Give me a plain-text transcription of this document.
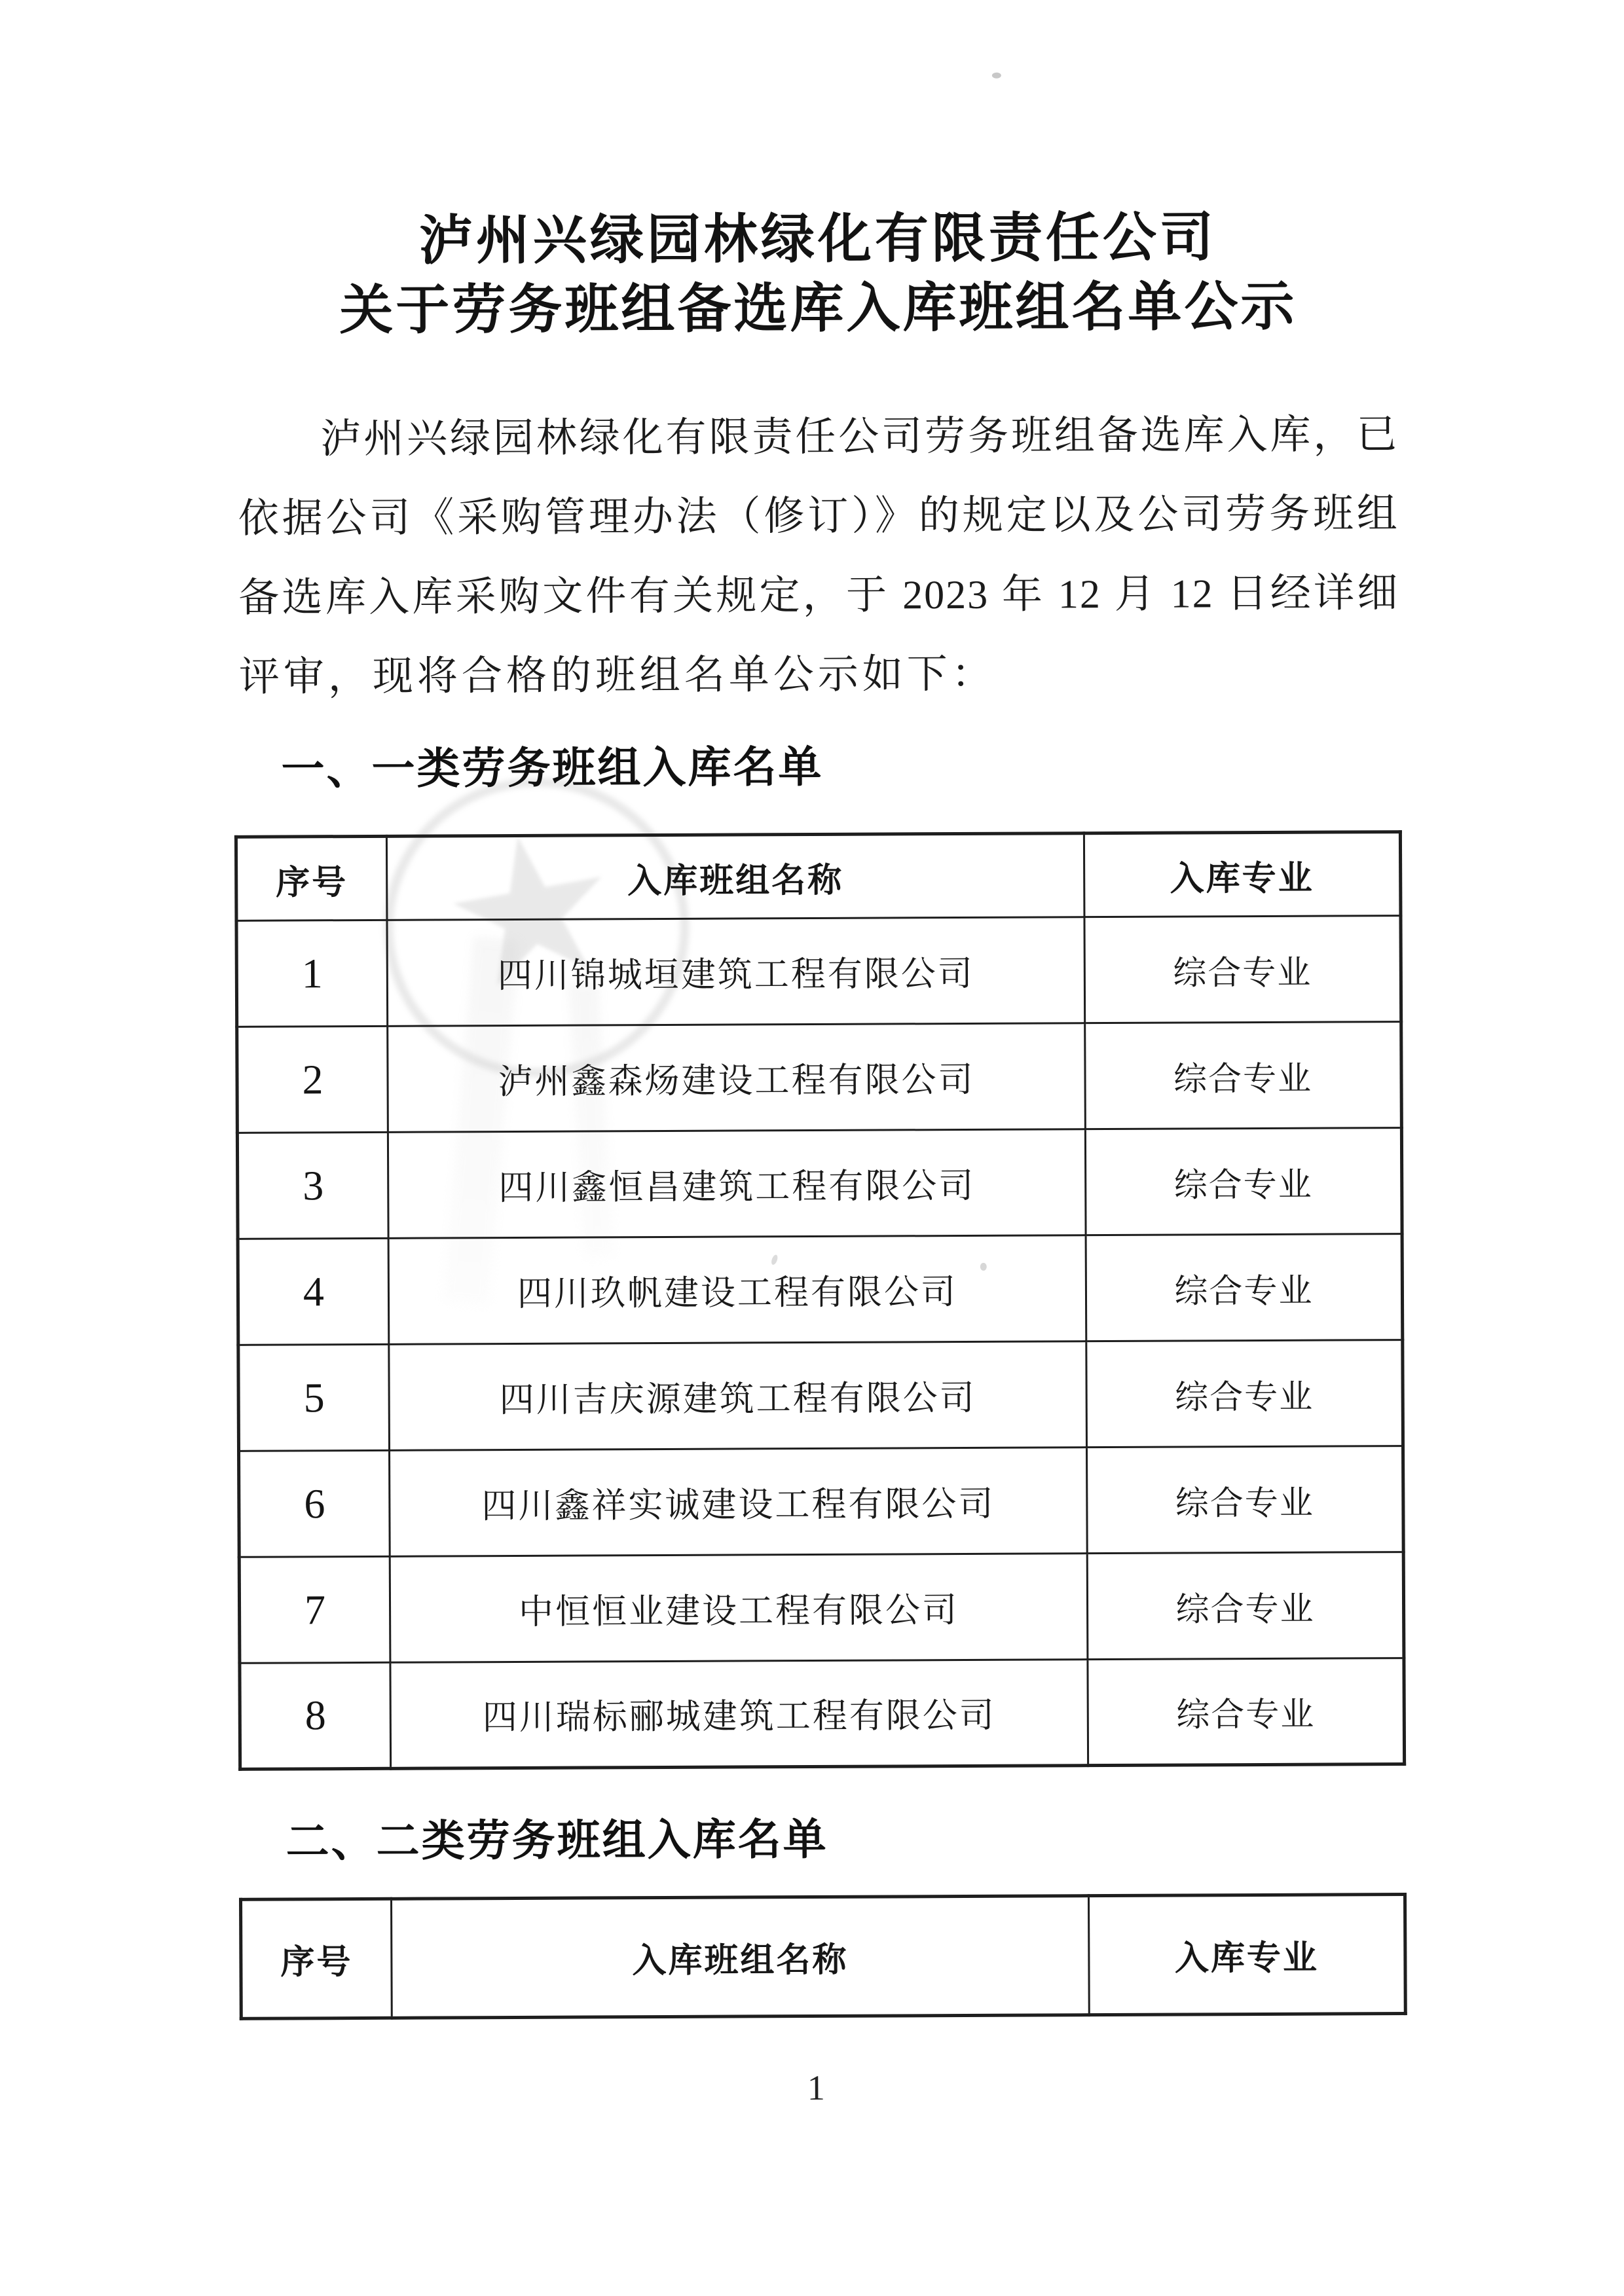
★
泸州兴绿园林绿化有限责任公司
关于劳务班组备选库入库班组名单公示
泸州兴绿园林绿化有限责任公司劳务班组备选库入库，已
依据公司《采购管理办法（修订）》的规定以及公司劳务班组
备选库入库采购文件有关规定，于 2023 年 12 月 12 日经详细
评审，现将合格的班组名单公示如下：
一、一类劳务班组入库名单
序号	入库班组名称	入库专业
1	四川锦城垣建筑工程有限公司	综合专业
2	泸州鑫森炀建设工程有限公司	综合专业
3	四川鑫恒昌建筑工程有限公司	综合专业
4	四川玖帆建设工程有限公司	综合专业
5	四川吉庆源建筑工程有限公司	综合专业
6	四川鑫祥实诚建设工程有限公司	综合专业
7	中恒恒业建设工程有限公司	综合专业
8	四川瑞标郦城建筑工程有限公司	综合专业
二、二类劳务班组入库名单
序号	入库班组名称	入库专业
1
